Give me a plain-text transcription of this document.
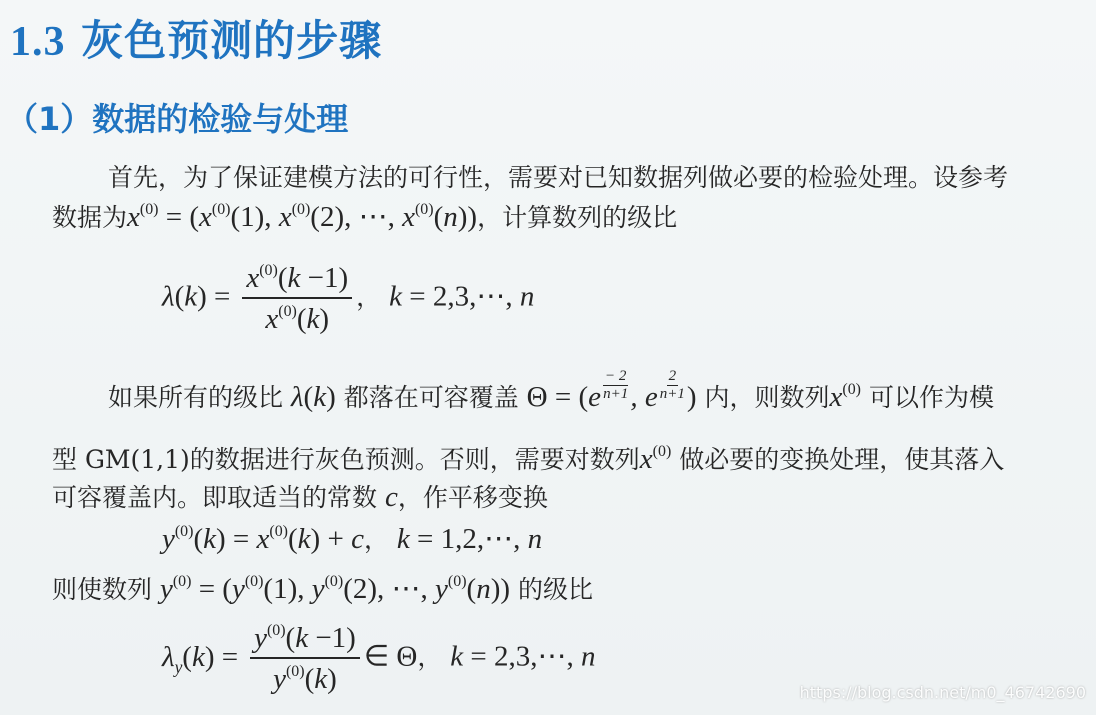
1.3 灰色预测的步骤
（1）数据的检验与处理
首先，为了保证建模方法的可行性，需要对已知数据列做必要的检验处理。设参考
数据为$x^{(0)} = (x^{(0)}(1)$, $x^{(0)}(2)$, ⋯, $x^{(0)}(n)$)，计算数列的级比
$\lambda(k) = \frac{x^{(0)}(k -1)}{x^{(0)}(k)}$ ， k = 2,3,⋯, n
如果所有的级比 λ(k) 都落在可容覆盖 $\Theta = (e \frac{- 2}{n+1}$ , e $\frac{2}{n+1}$ ) 内，则数列$x^{(0)}$ 可以作为模
型 GM(1,1)的数据进行灰色预测。否则，需要对数列$x^{(0)}$ 做必要的变换处理，使其落入
可容覆盖内。即取适当的常数 c，作平移变换
$y^{(0)}(k) = x^{(0)}(k) + c$， k = 1,2,⋯, n
则使数列 $y^{(0)} = (y^{(0)}(1)$, $y^{(0)}(2)$, ⋯, $y^{(0)}(n)$) 的级比
$\lambda_y(k) = \frac{y^{(0)}(k -1)}{y^{(0)}(k)}$ ∈ Θ， k = 2,3,⋯, n
https://blog.csdn.net/m0_46742690
